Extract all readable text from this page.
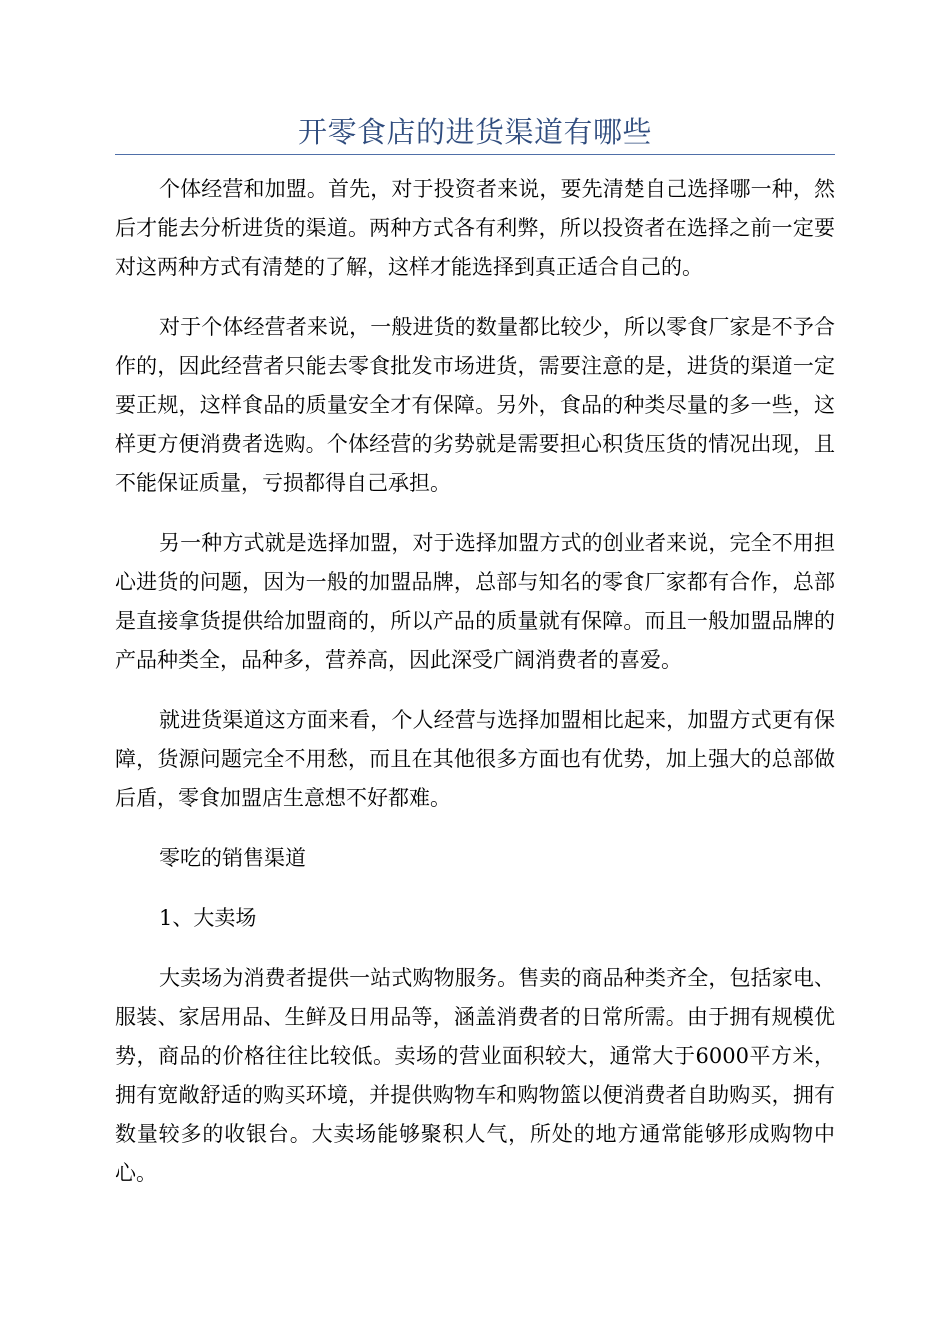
开零食店的进货渠道有哪些

个体经营和加盟。首先，对于投资者来说，要先清楚自己选择哪一种，然后才能去分析进货的渠道。两种方式各有利弊，所以投资者在选择之前一定要对这两种方式有清楚的了解，这样才能选择到真正适合自己的。

对于个体经营者来说，一般进货的数量都比较少，所以零食厂家是不予合作的，因此经营者只能去零食批发市场进货，需要注意的是，进货的渠道一定要正规，这样食品的质量安全才有保障。另外，食品的种类尽量的多一些，这样更方便消费者选购。个体经营的劣势就是需要担心积货压货的情况出现，且不能保证质量，亏损都得自己承担。

另一种方式就是选择加盟，对于选择加盟方式的创业者来说，完全不用担心进货的问题，因为一般的加盟品牌，总部与知名的零食厂家都有合作，总部是直接拿货提供给加盟商的，所以产品的质量就有保障。而且一般加盟品牌的产品种类全，品种多，营养高，因此深受广阔消费者的喜爱。

就进货渠道这方面来看，个人经营与选择加盟相比起来，加盟方式更有保障，货源问题完全不用愁，而且在其他很多方面也有优势，加上强大的总部做后盾，零食加盟店生意想不好都难。

零吃的销售渠道

1、大卖场

大卖场为消费者提供一站式购物服务。售卖的商品种类齐全，包括家电、服装、家居用品、生鲜及日用品等，涵盖消费者的日常所需。由于拥有规模优势，商品的价格往往比较低。卖场的营业面积较大，通常大于6000平方米，拥有宽敞舒适的购买环境，并提供购物车和购物篮以便消费者自助购买，拥有数量较多的收银台。大卖场能够聚积人气，所处的地方通常能够形成购物中心。
